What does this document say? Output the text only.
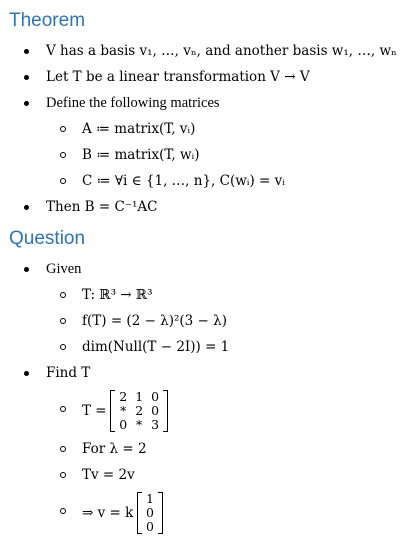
Theorem
V has a basis v₁, …, vₙ, and another basis w₁, …, wₙ
Let T be a linear transformation V → V
Define the following matrices
A ≔ matrix(T, vᵢ)
B ≔ matrix(T, wᵢ)
C ≔ ∀i ∈ {1, …, n}, C(wᵢ) = vᵢ
Then B = C⁻¹AC
Question
Given
T: ℝ³ → ℝ³
f(T) = (2 − λ)²(3 − λ)
dim(Null(T − 2I)) = 1
Find T
T =

2	1	0
*	2	0
0	*	3
For λ = 2
Tv = 2v
⇒ v = k

1
0
0
